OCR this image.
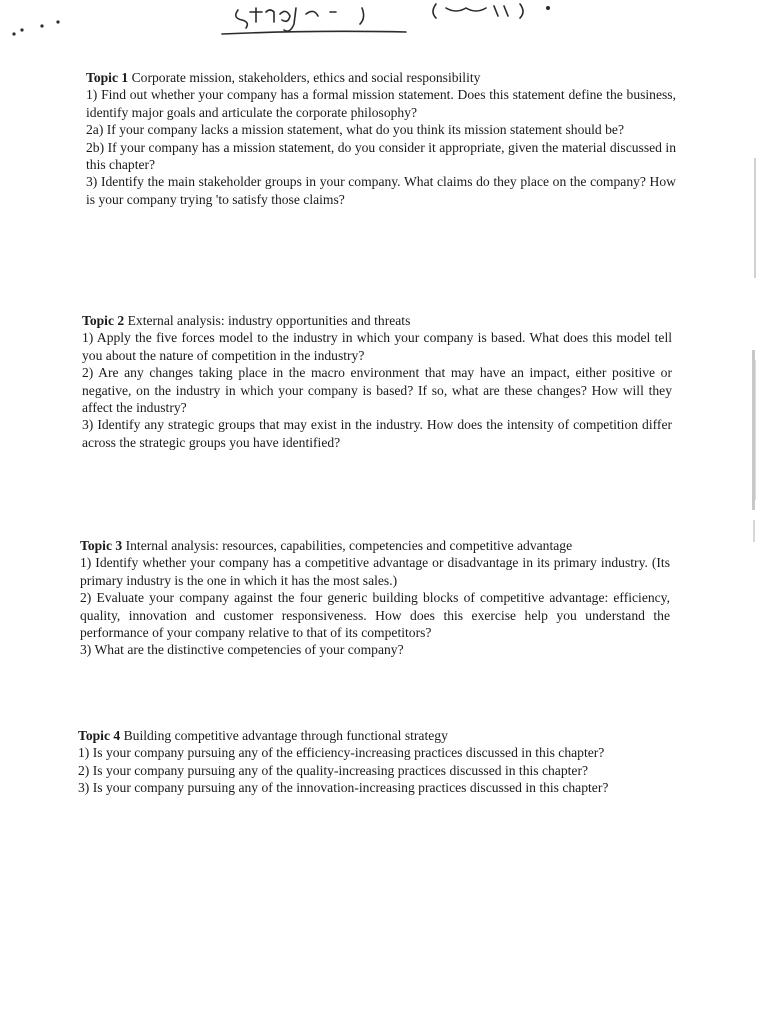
Topic 1 Corporate mission, stakeholders, ethics and social responsibility

1) Find out whether your company has a formal mission statement. Does this statement define the business, identify major goals and articulate the corporate philosophy?

2a) If your company lacks a mission statement, what do you think its mission statement should be?

2b) If your company has a mission statement, do you consider it appropriate, given the material discussed in this chapter?

3) Identify the main stakeholder groups in your company. What claims do they place on the company? How is your company trying 'to satisfy those claims?

Topic 2 External analysis: industry opportunities and threats

1) Apply the five forces model to the industry in which your company is based. What does this model tell you about the nature of competition in the industry?

2) Are any changes taking place in the macro environment that may have an impact, either positive or negative, on the industry in which your company is based? If so, what are these changes? How will they affect the industry?

3) Identify any strategic groups that may exist in the industry. How does the intensity of competition differ across the strategic groups you have identified?

Topic 3 Internal analysis: resources, capabilities, competencies and competitive advantage

1) Identify whether your company has a competitive advantage or disadvantage in its primary industry. (Its primary industry is the one in which it has the most sales.)

2) Evaluate your company against the four generic building blocks of competitive advantage: efficiency, quality, innovation and customer responsiveness. How does this exercise help you understand the performance of your company relative to that of its competitors?

3) What are the distinctive competencies of your company?

Topic 4 Building competitive advantage through functional strategy

1) Is your company pursuing any of the efficiency-increasing practices discussed in this chapter?

2) Is your company pursuing any of the quality-increasing practices discussed in this chapter?

3) Is your company pursuing any of the innovation-increasing practices discussed in this chapter?
